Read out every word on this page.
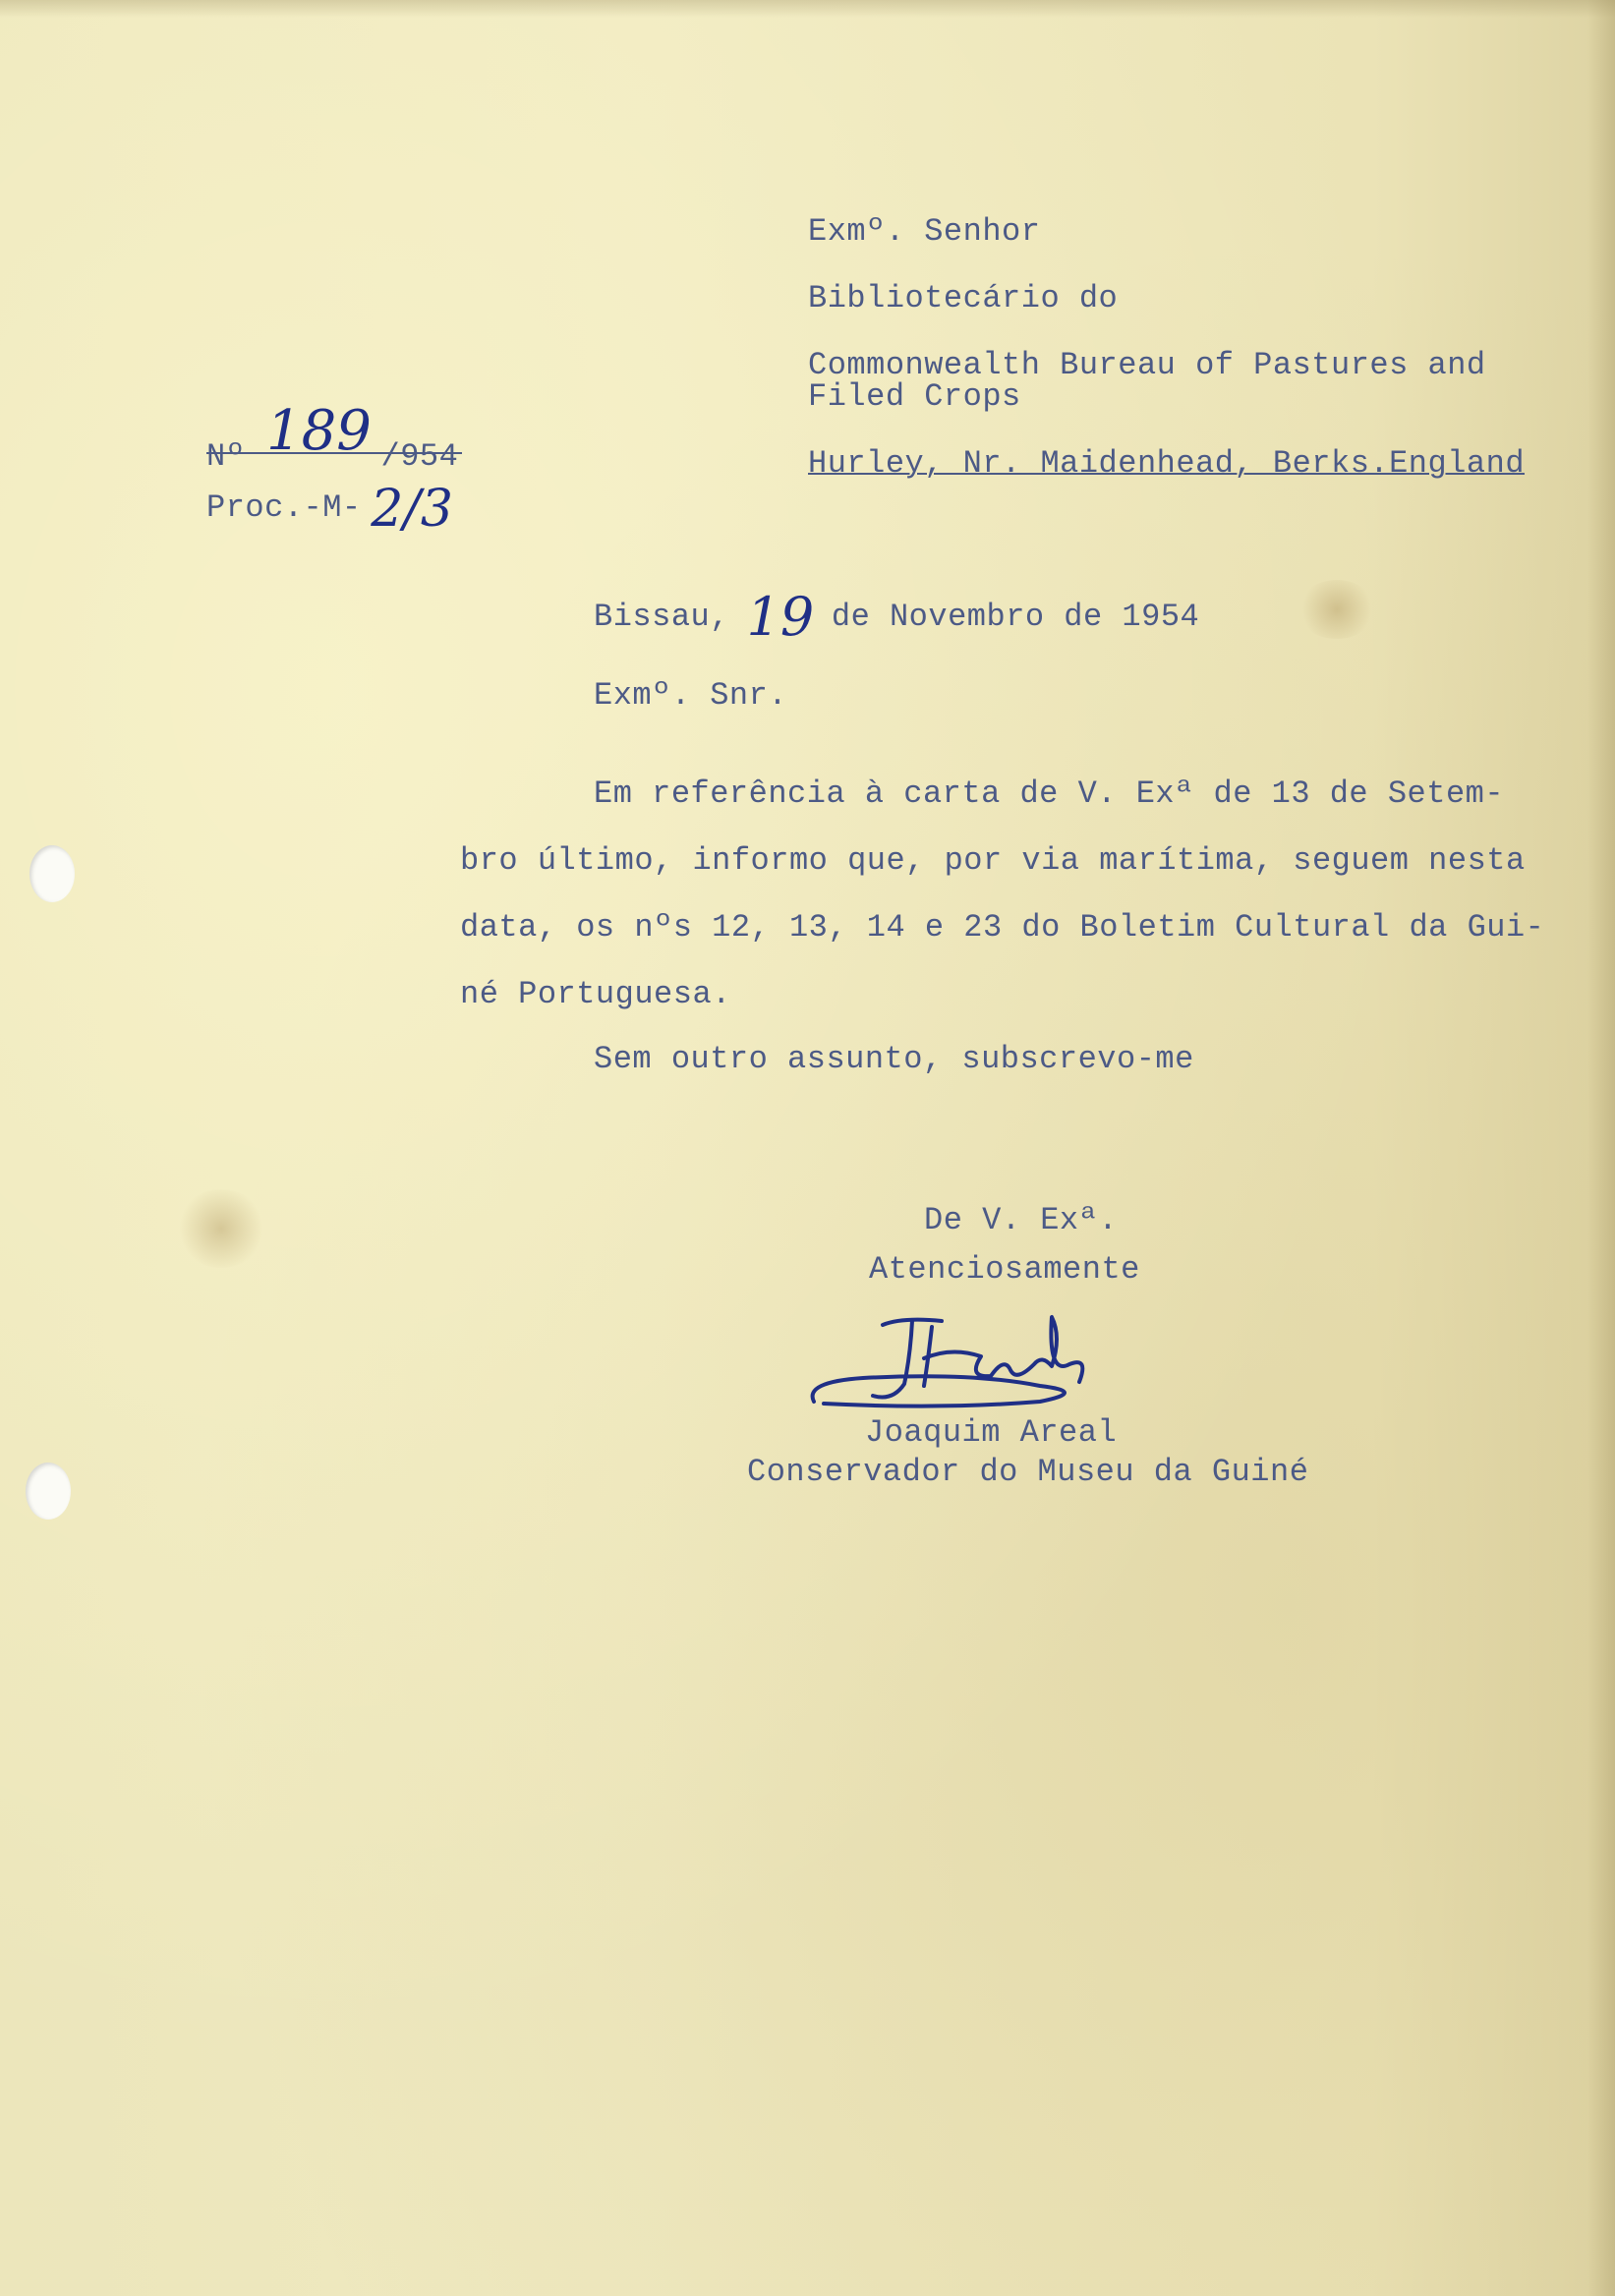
Exmº. Senhor

Bibliotecário do

Commonwealth Bureau of Pastures and

Filed Crops

Hurley, Nr. Maidenhead, Berks.England

Nº 189 /954
Proc.-M- 2/3
Bissau, 19 de Novembro de 1954

Exmº. Snr.

Em referência à carta de V. Exª de 13 de Setem-

bro último, informo que, por via marítima, seguem nesta

data, os nºs 12, 13, 14 e 23 do Boletim Cultural da Gui-

né Portuguesa.

Sem outro assunto, subscrevo-me

De V. Exª.

Atenciosamente

Joaquim Areal

Conservador do Museu da Guiné
